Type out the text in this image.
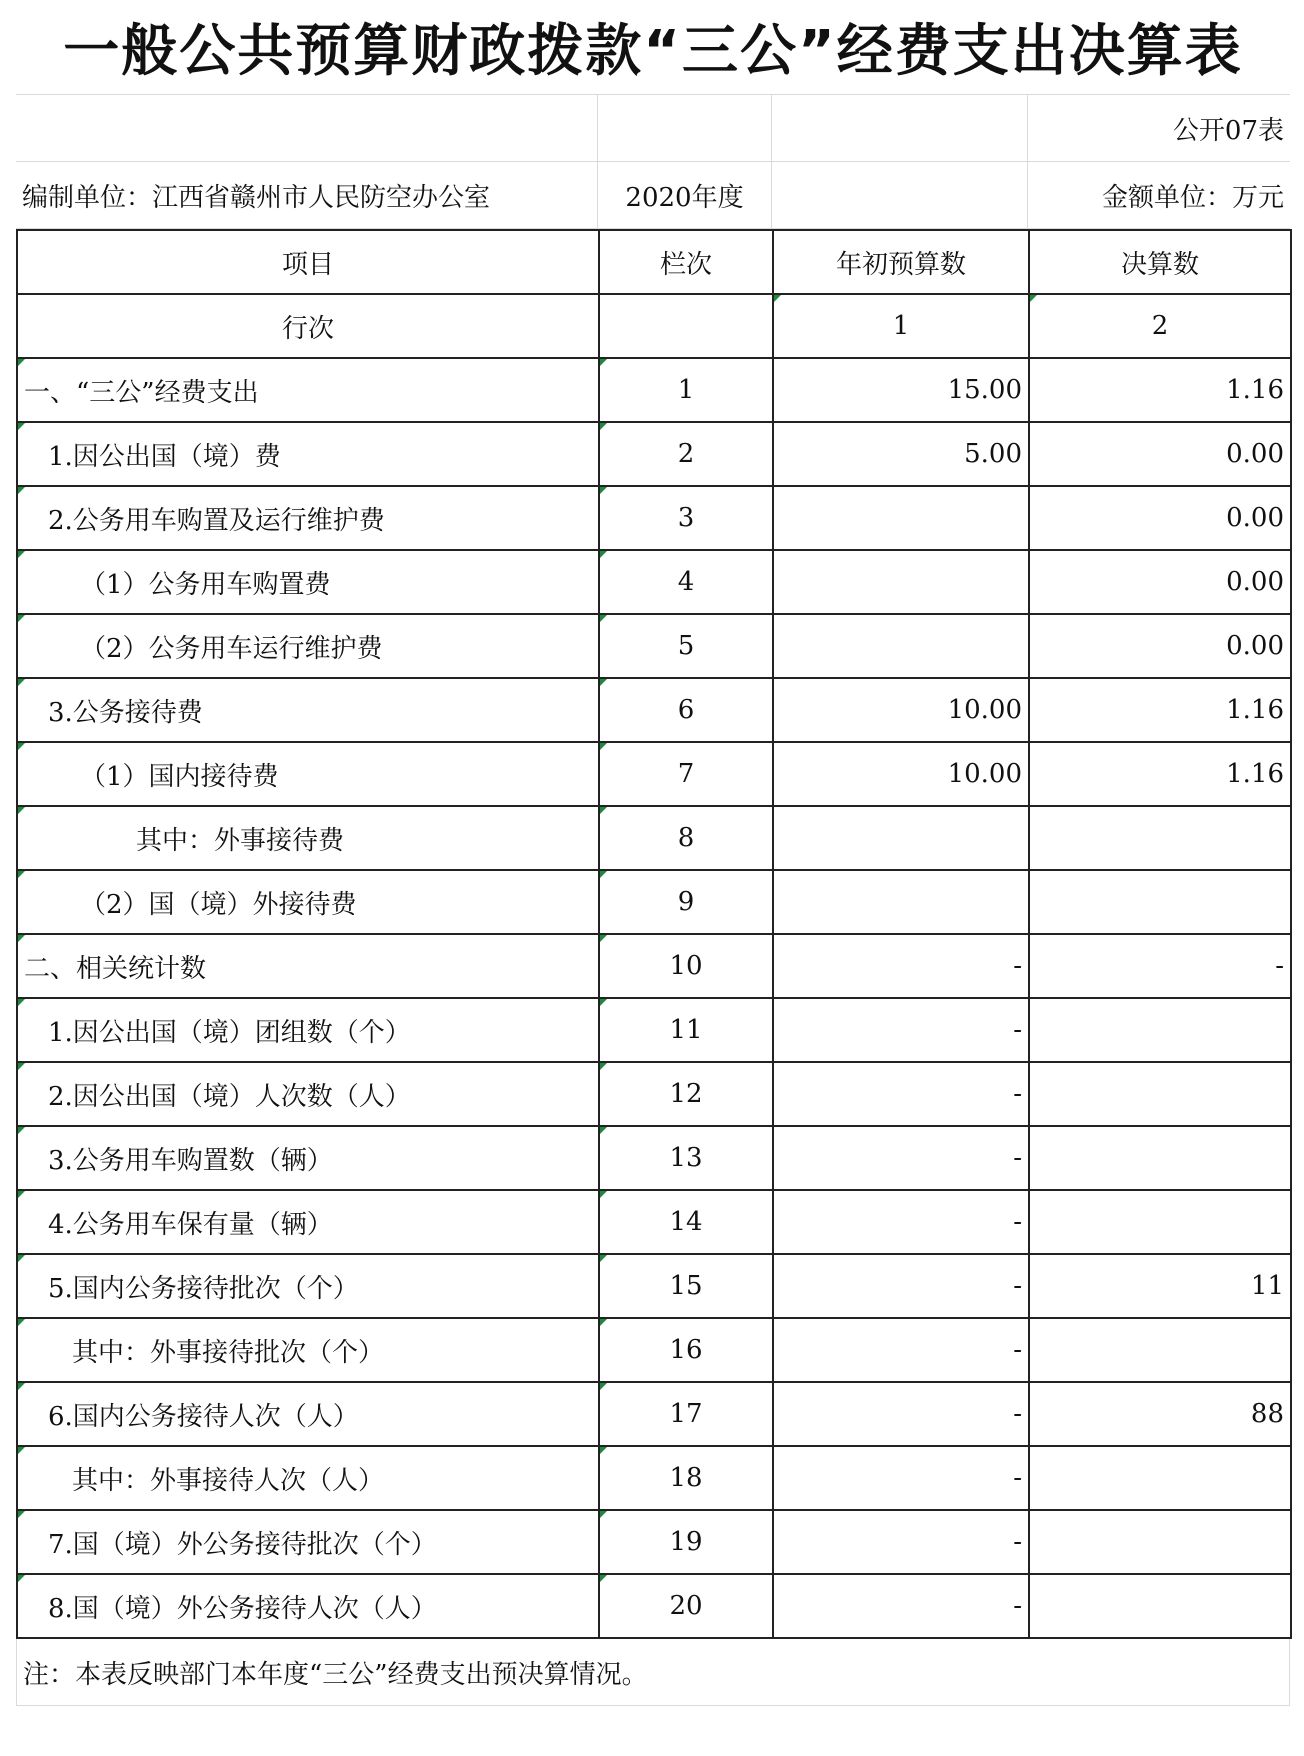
一般公共预算财政拨款“三公”经费支出决算表
公开07表
编制单位：江西省赣州市人民防空办公室	2020年度	金额单位：万元
项目	栏次	年初预算数	决算数

行次		1	2

一、“三公”经费支出	1	15.00	1.16

1.因公出国（境）费	2	5.00	0.00

2.公务用车购置及运行维护费	3		0.00

（1）公务用车购置费	4		0.00

（2）公务用车运行维护费	5		0.00

3.公务接待费	6	10.00	1.16

（1）国内接待费	7	10.00	1.16

其中：外事接待费	8		

（2）国（境）外接待费	9		

二、相关统计数	10	-	-

1.因公出国（境）团组数（个）	11	-	

2.因公出国（境）人次数（人）	12	-	

3.公务用车购置数（辆）	13	-	

4.公务用车保有量（辆）	14	-	

5.国内公务接待批次（个）	15	-	11

其中：外事接待批次（个）	16	-	

6.国内公务接待人次（人）	17	-	88

其中：外事接待人次（人）	18	-	

7.国（境）外公务接待批次（个）	19	-	

8.国（境）外公务接待人次（人）	20	-	

注：本表反映部门本年度“三公”经费支出预决算情况。
